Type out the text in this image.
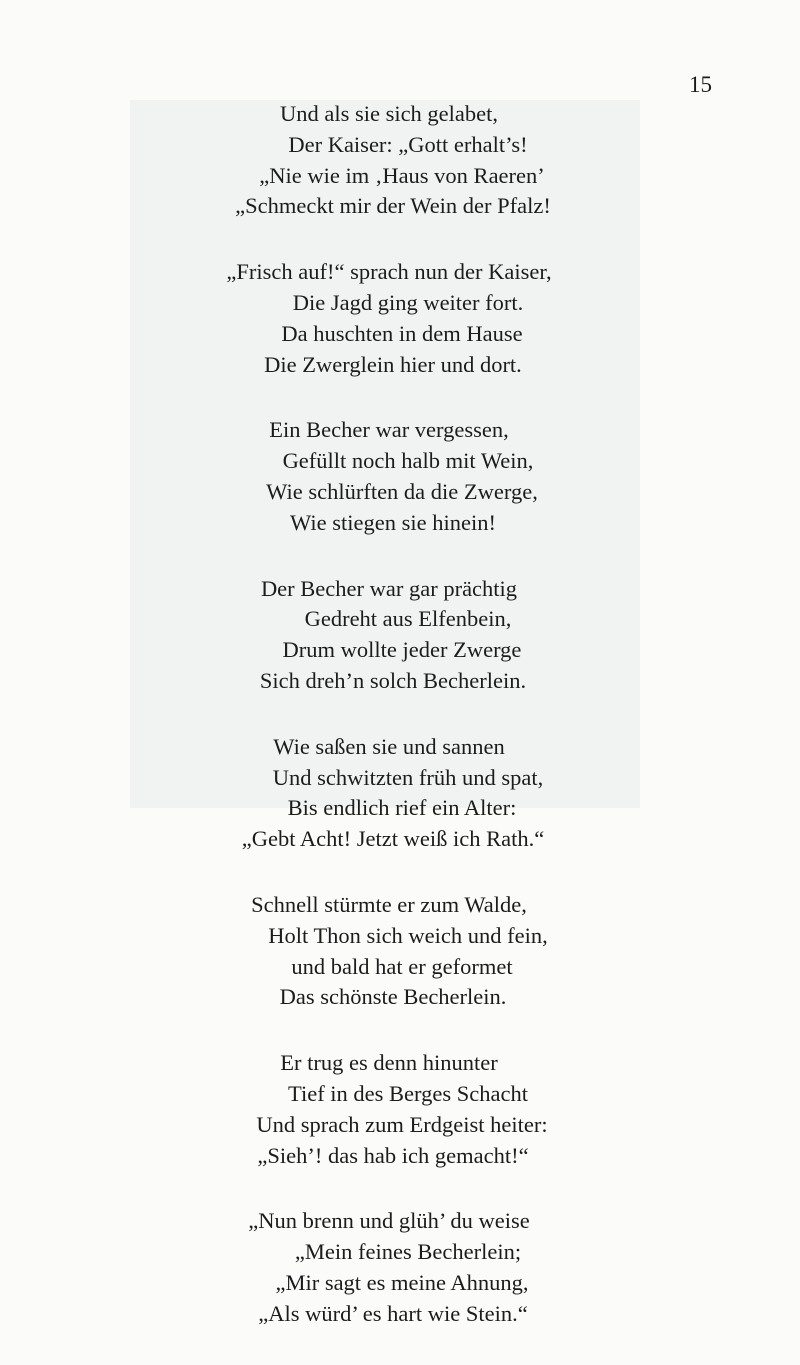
15
Und als sie sich gelabet,
Der Kaiser: „Gott erhalt’s!
„Nie wie im ‚Haus von Raeren’
„Schmeckt mir der Wein der Pfalz!
„Frisch auf!“ sprach nun der Kaiser,
Die Jagd ging weiter fort.
Da huschten in dem Hause
Die Zwerglein hier und dort.
Ein Becher war vergessen,
Gefüllt noch halb mit Wein,
Wie schlürften da die Zwerge,
Wie stiegen sie hinein!
Der Becher war gar prächtig
Gedreht aus Elfenbein,
Drum wollte jeder Zwerge
Sich dreh’n solch Becherlein.
Wie saßen sie und sannen
Und schwitzten früh und spat,
Bis endlich rief ein Alter:
„Gebt Acht! Jetzt weiß ich Rath.“
Schnell stürmte er zum Walde,
Holt Thon sich weich und fein,
und bald hat er geformet
Das schönste Becherlein.
Er trug es denn hinunter
Tief in des Berges Schacht
Und sprach zum Erdgeist heiter:
„Sieh’! das hab ich gemacht!“
„Nun brenn und glüh’ du weise
„Mein feines Becherlein;
„Mir sagt es meine Ahnung,
„Als würd’ es hart wie Stein.“
